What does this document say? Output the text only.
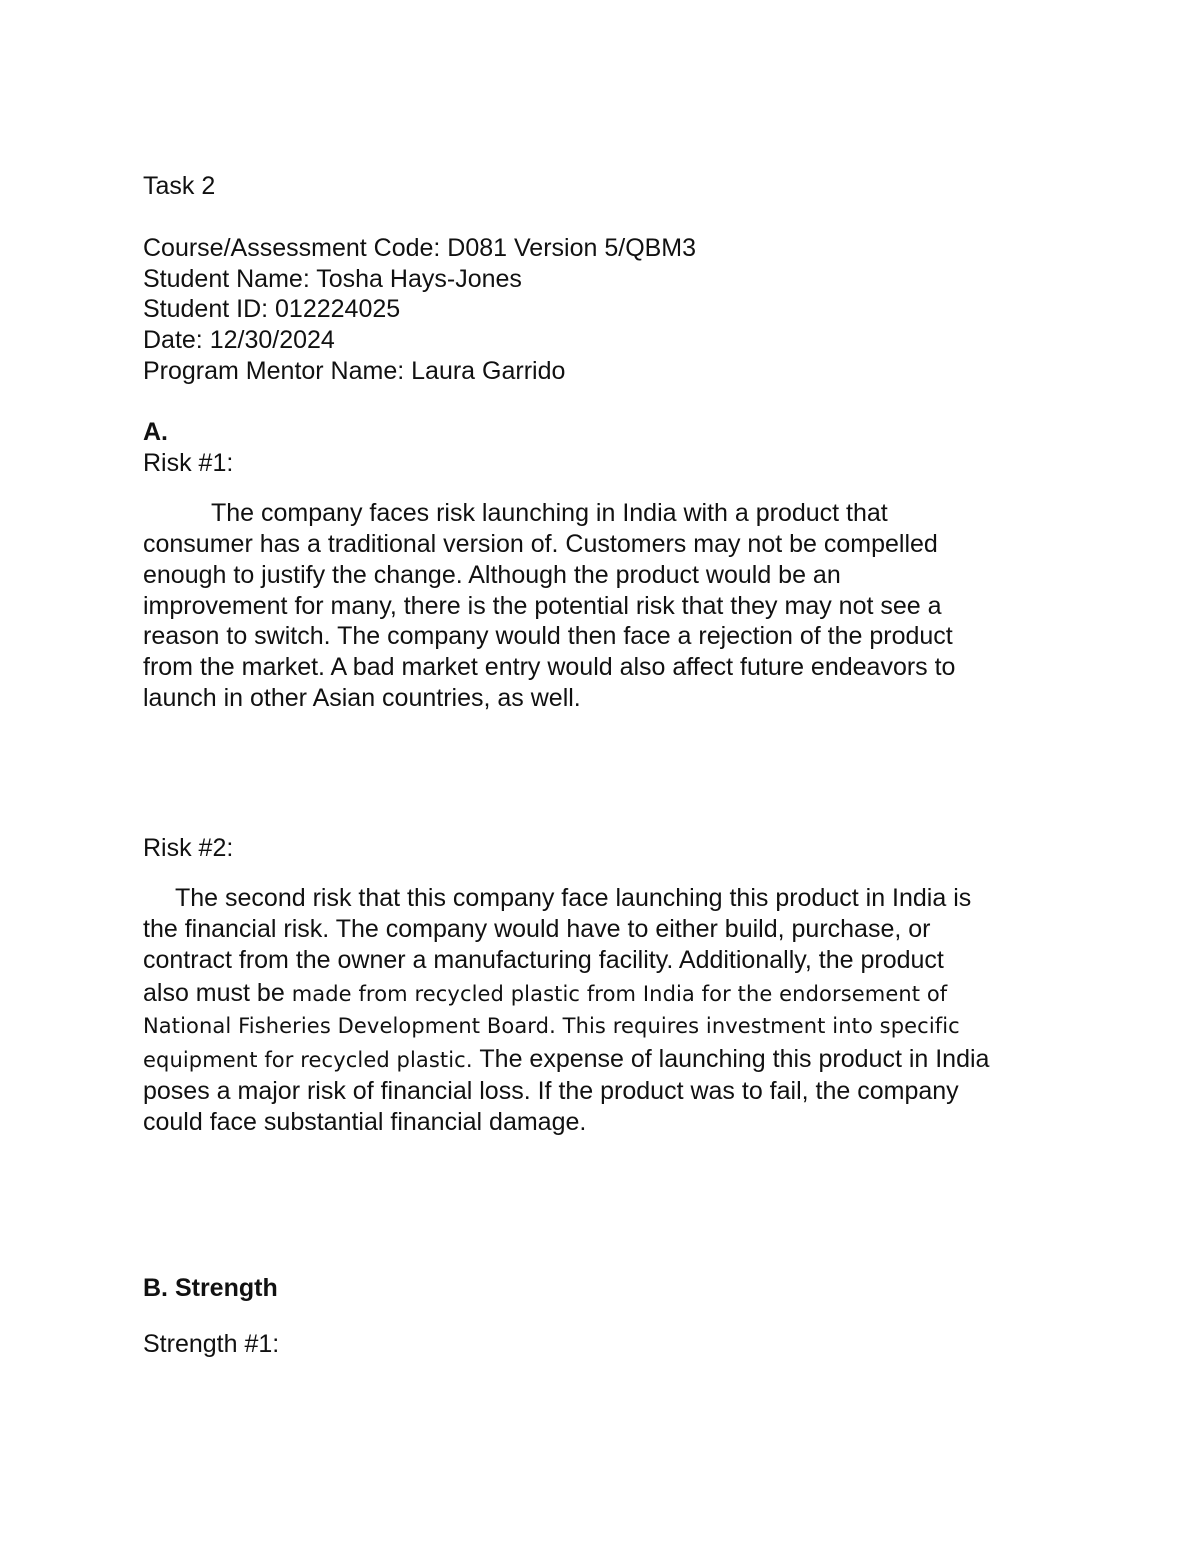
Task 2
Course/Assessment Code: D081 Version 5/QBM3
Student Name: Tosha Hays-Jones
Student ID: 012224025
Date: 12/30/2024
Program Mentor Name: Laura Garrido
A.
Risk #1:
The company faces risk launching in India with a product that
consumer has a traditional version of. Customers may not be compelled
enough to justify the change. Although the product would be an
improvement for many, there is the potential risk that they may not see a
reason to switch. The company would then face a rejection of the product
from the market. A bad market entry would also affect future endeavors to
launch in other Asian countries, as well.
Risk #2:
The second risk that this company face launching this product in India is
the financial risk. The company would have to either build, purchase, or
contract from the owner a manufacturing facility. Additionally, the product
also must be made from recycled plastic from India for the endorsement of
National Fisheries Development Board. This requires investment into specific
equipment for recycled plastic. The expense of launching this product in India
poses a major risk of financial loss. If the product was to fail, the company
could face substantial financial damage.
B. Strength
Strength #1:
